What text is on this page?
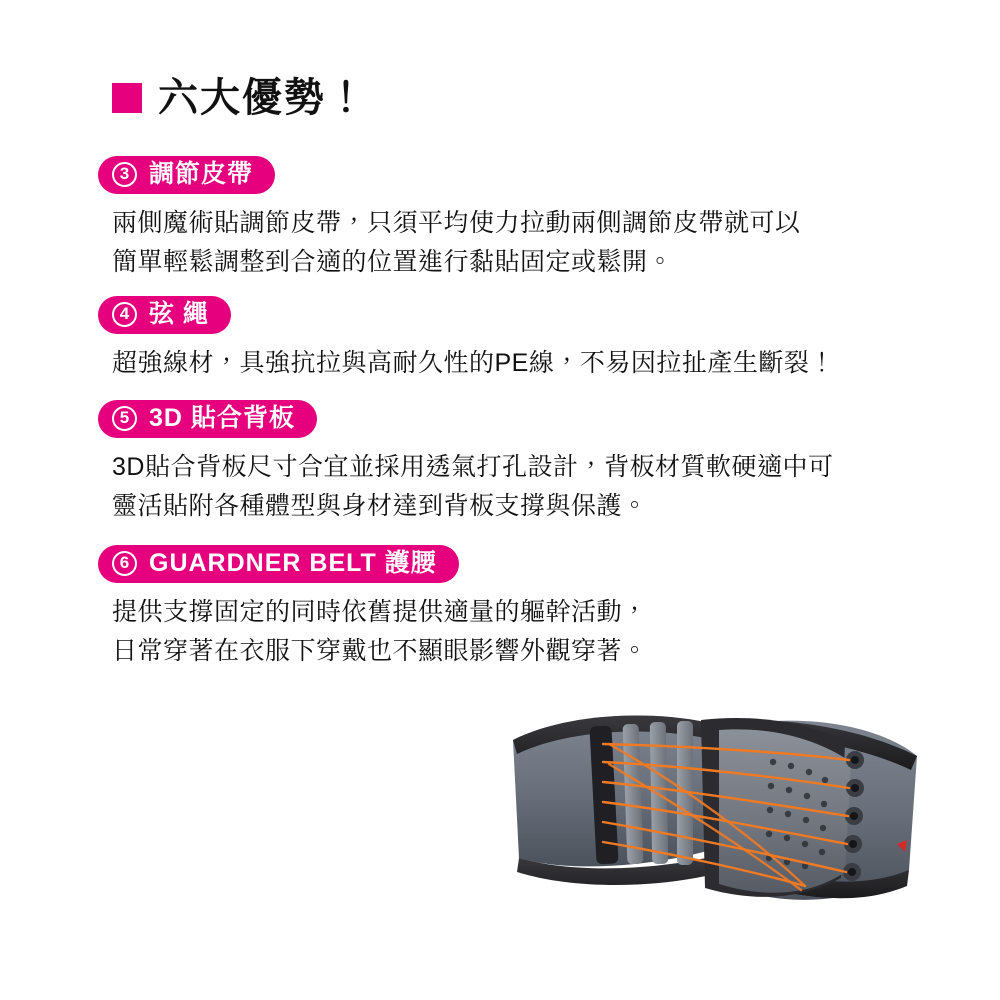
六大優勢！
3 調節皮帶

兩側魔術貼調節皮帶，只須平均使力拉動兩側調節皮帶就可以

簡單輕鬆調整到合適的位置進行黏貼固定或鬆開。

4 弦 繩

超強線材，具強抗拉與高耐久性的PE線，不易因拉扯產生斷裂！

5 3D 貼合背板

3D貼合背板尺寸合宜並採用透氣打孔設計，背板材質軟硬適中可

靈活貼附各種體型與身材達到背板支撐與保護。

6 GUARDNER BELT 護腰

提供支撐固定的同時依舊提供適量的軀幹活動，

日常穿著在衣服下穿戴也不顯眼影響外觀穿著。
